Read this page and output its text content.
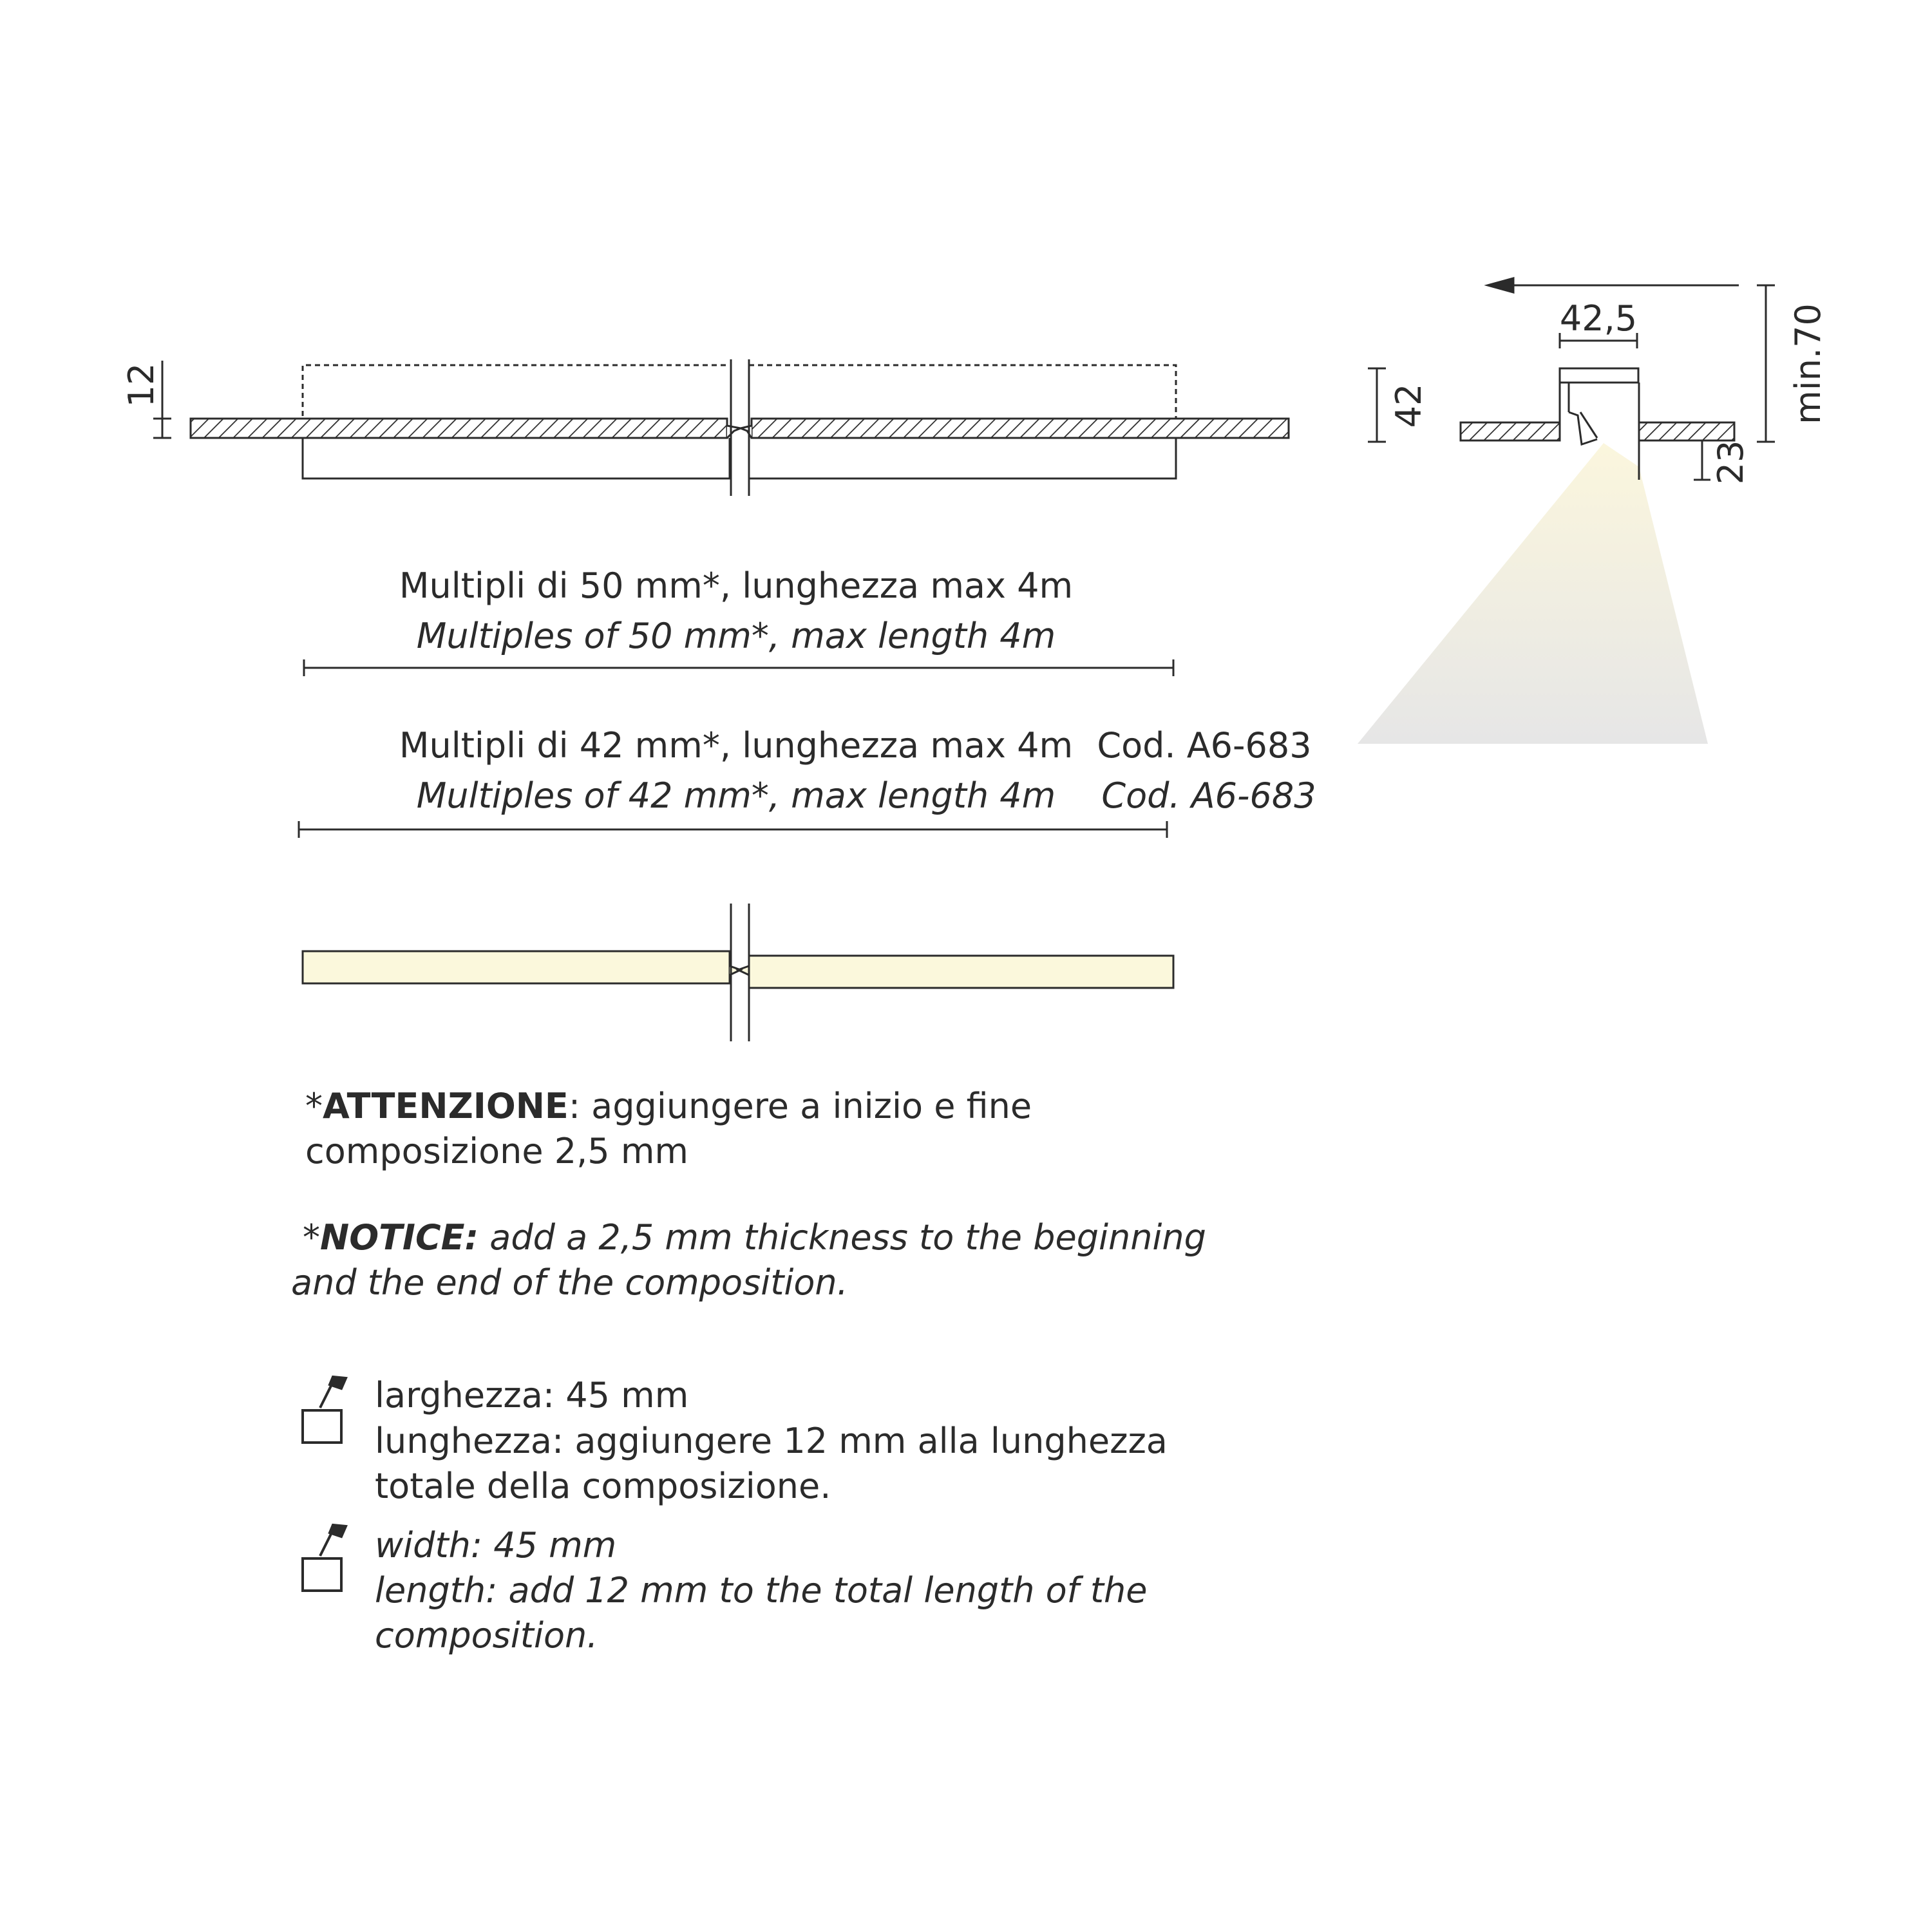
12
Multipli di 50 mm*, lunghezza max 4m
Multiples of 50 mm*, max length 4m
Multipli di 42 mm*, lunghezza max 4m
Multiples of 42 mm*, max length 4m
Cod. A6-683
Cod. A6-683
*ATTENZIONE: aggiungere a inizio e fine
composizione 2,5 mm
*NOTICE: add a 2,5 mm thickness to the beginning
and the end of the composition.
larghezza: 45 mm
lunghezza: aggiungere 12 mm alla lunghezza
totale della composizione.
width: 45 mm
length: add 12 mm to the total length of the
composition.
42,5
42	min.70
23
